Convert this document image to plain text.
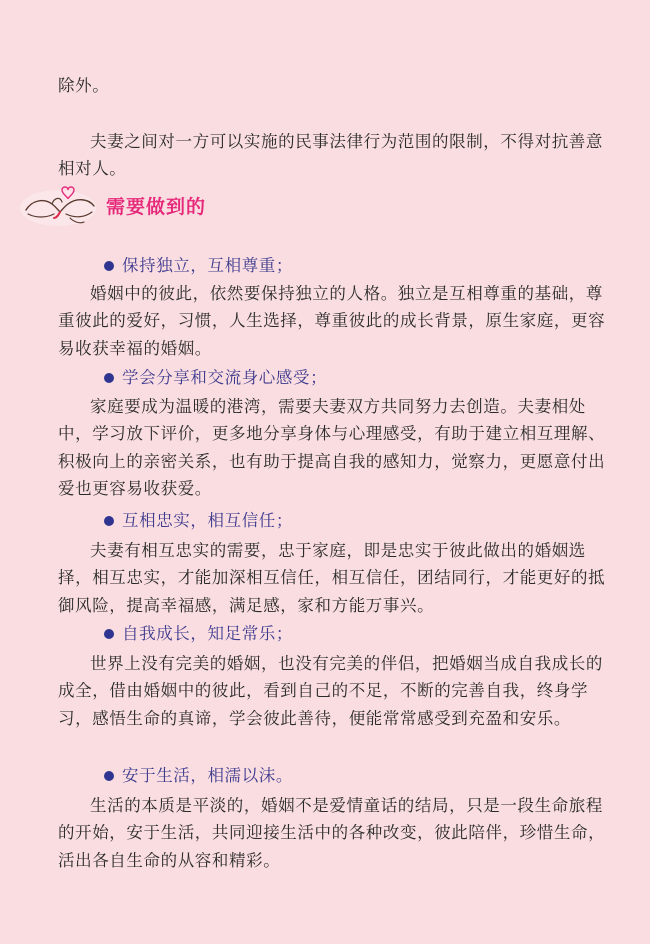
除外。

夫妻之间对一方可以实施的民事法律行为范围的限制，不得对抗善意相对人。

需要做到的
保持独立，互相尊重；

婚姻中的彼此，依然要保持独立的人格。独立是互相尊重的基础，尊重彼此的爱好，习惯，人生选择，尊重彼此的成长背景，原生家庭，更容易收获幸福的婚姻。

学会分享和交流身心感受；

家庭要成为温暖的港湾，需要夫妻双方共同努力去创造。夫妻相处中，学习放下评价，更多地分享身体与心理感受，有助于建立相互理解、积极向上的亲密关系，也有助于提高自我的感知力，觉察力，更愿意付出爱也更容易收获爱。

互相忠实，相互信任；

夫妻有相互忠实的需要，忠于家庭，即是忠实于彼此做出的婚姻选择，相互忠实，才能加深相互信任，相互信任，团结同行，才能更好的抵御风险，提高幸福感，满足感，家和方能万事兴。

自我成长，知足常乐；

世界上没有完美的婚姻，也没有完美的伴侣，把婚姻当成自我成长的成全，借由婚姻中的彼此，看到自己的不足，不断的完善自我，终身学习，感悟生命的真谛，学会彼此善待，便能常常感受到充盈和安乐。

安于生活，相濡以沫。

生活的本质是平淡的，婚姻不是爱情童话的结局，只是一段生命旅程的开始，安于生活，共同迎接生活中的各种改变，彼此陪伴，珍惜生命，活出各自生命的从容和精彩。
